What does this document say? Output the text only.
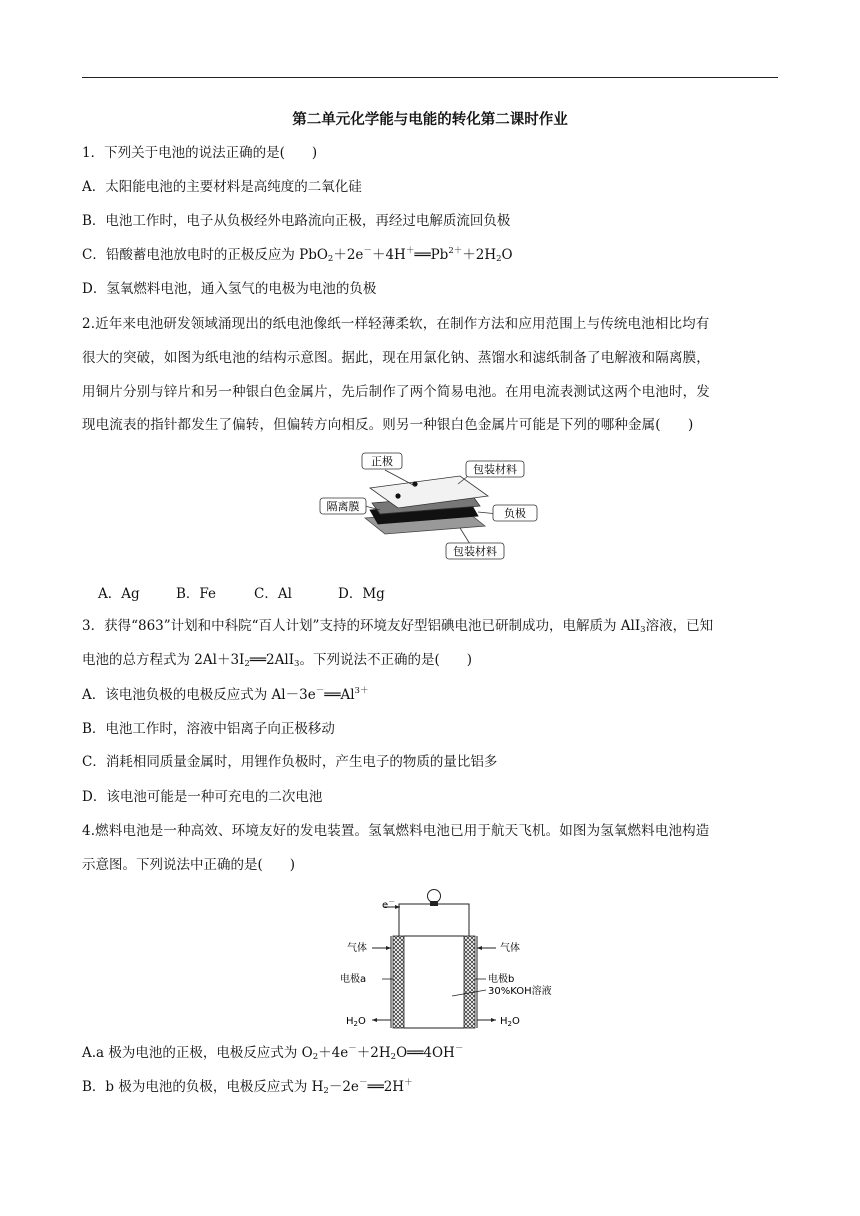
第二单元化学能与电能的转化第二课时作业
1．下列关于电池的说法正确的是(　　)
A．太阳能电池的主要材料是高纯度的二氧化硅
B．电池工作时，电子从负极经外电路流向正极，再经过电解质流回负极
C．铅酸蓄电池放电时的正极反应为 $PbO_2+2e^-+4H^+══Pb^{2+}+2H_2O$
D．氢氧燃料电池，通入氢气的电极为电池的负极
2.近年来电池研发领域涌现出的纸电池像纸一样轻薄柔软，在制作方法和应用范围上与传统电池相比均有
很大的突破，如图为纸电池的结构示意图。据此，现在用氯化钠、蒸馏水和滤纸制备了电解液和隔离膜，
用铜片分别与锌片和另一种银白色金属片，先后制作了两个简易电池。在用电流表测试这两个电池时，发
现电流表的指针都发生了偏转，但偏转方向相反。则另一种银白色金属片可能是下列的哪种金属(　　)
正极
包装材料
隔离膜
负极
包装材料
A．Ag	B．Fe	C．Al	D．Mg
3．获得“863”计划和中科院“百人计划”支持的环境友好型铝碘电池已研制成功，电解质为 AlI$_3$溶液，已知
电池的总方程式为 $2Al+3I_2══2AlI_3$。下列说法不正确的是(　　)
A．该电池负极的电极反应式为 $Al-3e^-══Al^{3+}$
B．电池工作时，溶液中铝离子向正极移动
C．消耗相同质量金属时，用锂作负极时，产生电子的物质的量比铝多
D．该电池可能是一种可充电的二次电池
4.燃料电池是一种高效、环境友好的发电装置。氢氧燃料电池已用于航天飞机。如图为氢氧燃料电池构造
示意图。下列说法中正确的是(　　)
e－
气体	气体
电极a	电极b
30%KOH溶液
$H_2O$	$H_2O$
A.a 极为电池的正极，电极反应式为 $O_2+4e^-+2H_2O══4OH^-$
B．b 极为电池的负极，电极反应式为 $H_2-2e^-══2H^+$
